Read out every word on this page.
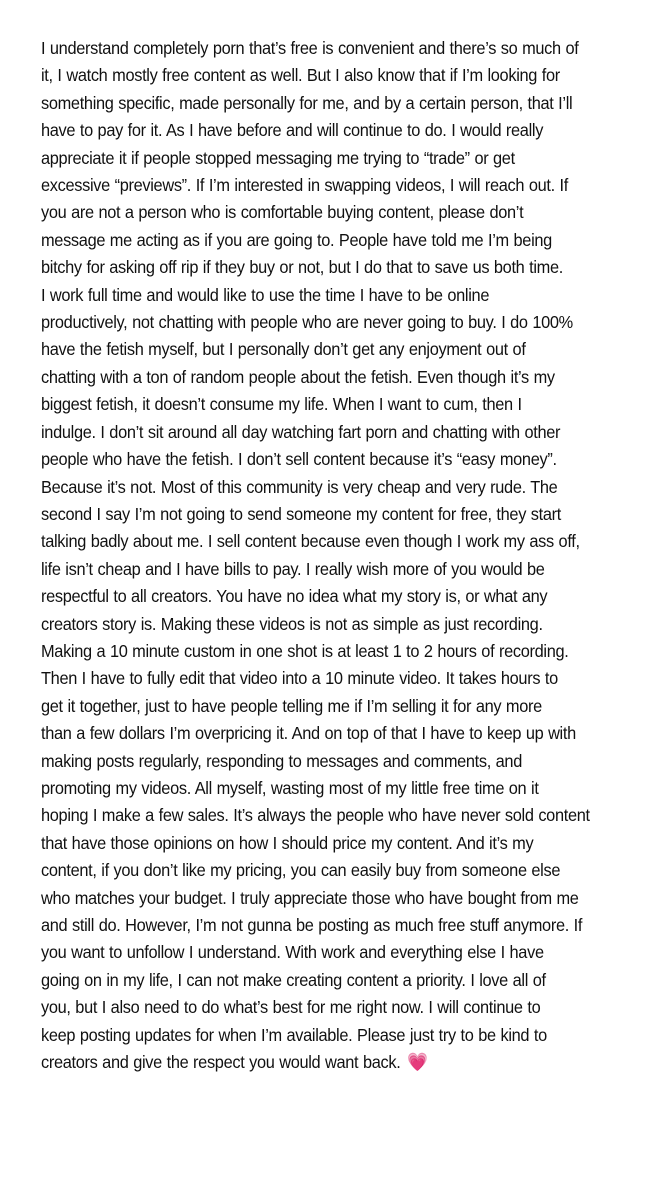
I understand completely porn that’s free is convenient and there’s so much of
it, I watch mostly free content as well. But I also know that if I’m looking for
something specific, made personally for me, and by a certain person, that I’ll
have to pay for it. As I have before and will continue to do. I would really
appreciate it if people stopped messaging me trying to “trade” or get
excessive “previews”. If I’m interested in swapping videos, I will reach out. If
you are not a person who is comfortable buying content, please don’t
message me acting as if you are going to. People have told me I’m being
bitchy for asking off rip if they buy or not, but I do that to save us both time.
I work full time and would like to use the time I have to be online
productively, not chatting with people who are never going to buy. I do 100%
have the fetish myself, but I personally don’t get any enjoyment out of
chatting with a ton of random people about the fetish. Even though it’s my
biggest fetish, it doesn’t consume my life. When I want to cum, then I
indulge. I don’t sit around all day watching fart porn and chatting with other
people who have the fetish. I don’t sell content because it’s “easy money”.
Because it’s not. Most of this community is very cheap and very rude. The
second I say I’m not going to send someone my content for free, they start
talking badly about me. I sell content because even though I work my ass off,
life isn’t cheap and I have bills to pay. I really wish more of you would be
respectful to all creators. You have no idea what my story is, or what any
creators story is. Making these videos is not as simple as just recording.
Making a 10 minute custom in one shot is at least 1 to 2 hours of recording.
Then I have to fully edit that video into a 10 minute video. It takes hours to
get it together, just to have people telling me if I’m selling it for any more
than a few dollars I’m overpricing it. And on top of that I have to keep up with
making posts regularly, responding to messages and comments, and
promoting my videos. All myself, wasting most of my little free time on it
hoping I make a few sales. It’s always the people who have never sold content
that have those opinions on how I should price my content. And it’s my
content, if you don’t like my pricing, you can easily buy from someone else
who matches your budget. I truly appreciate those who have bought from me
and still do. However, I’m not gunna be posting as much free stuff anymore. If
you want to unfollow I understand. With work and everything else I have
going on in my life, I can not make creating content a priority. I love all of
you, but I also need to do what’s best for me right now. I will continue to
keep posting updates for when I’m available. Please just try to be kind to
creators and give the respect you would want back. 💗
